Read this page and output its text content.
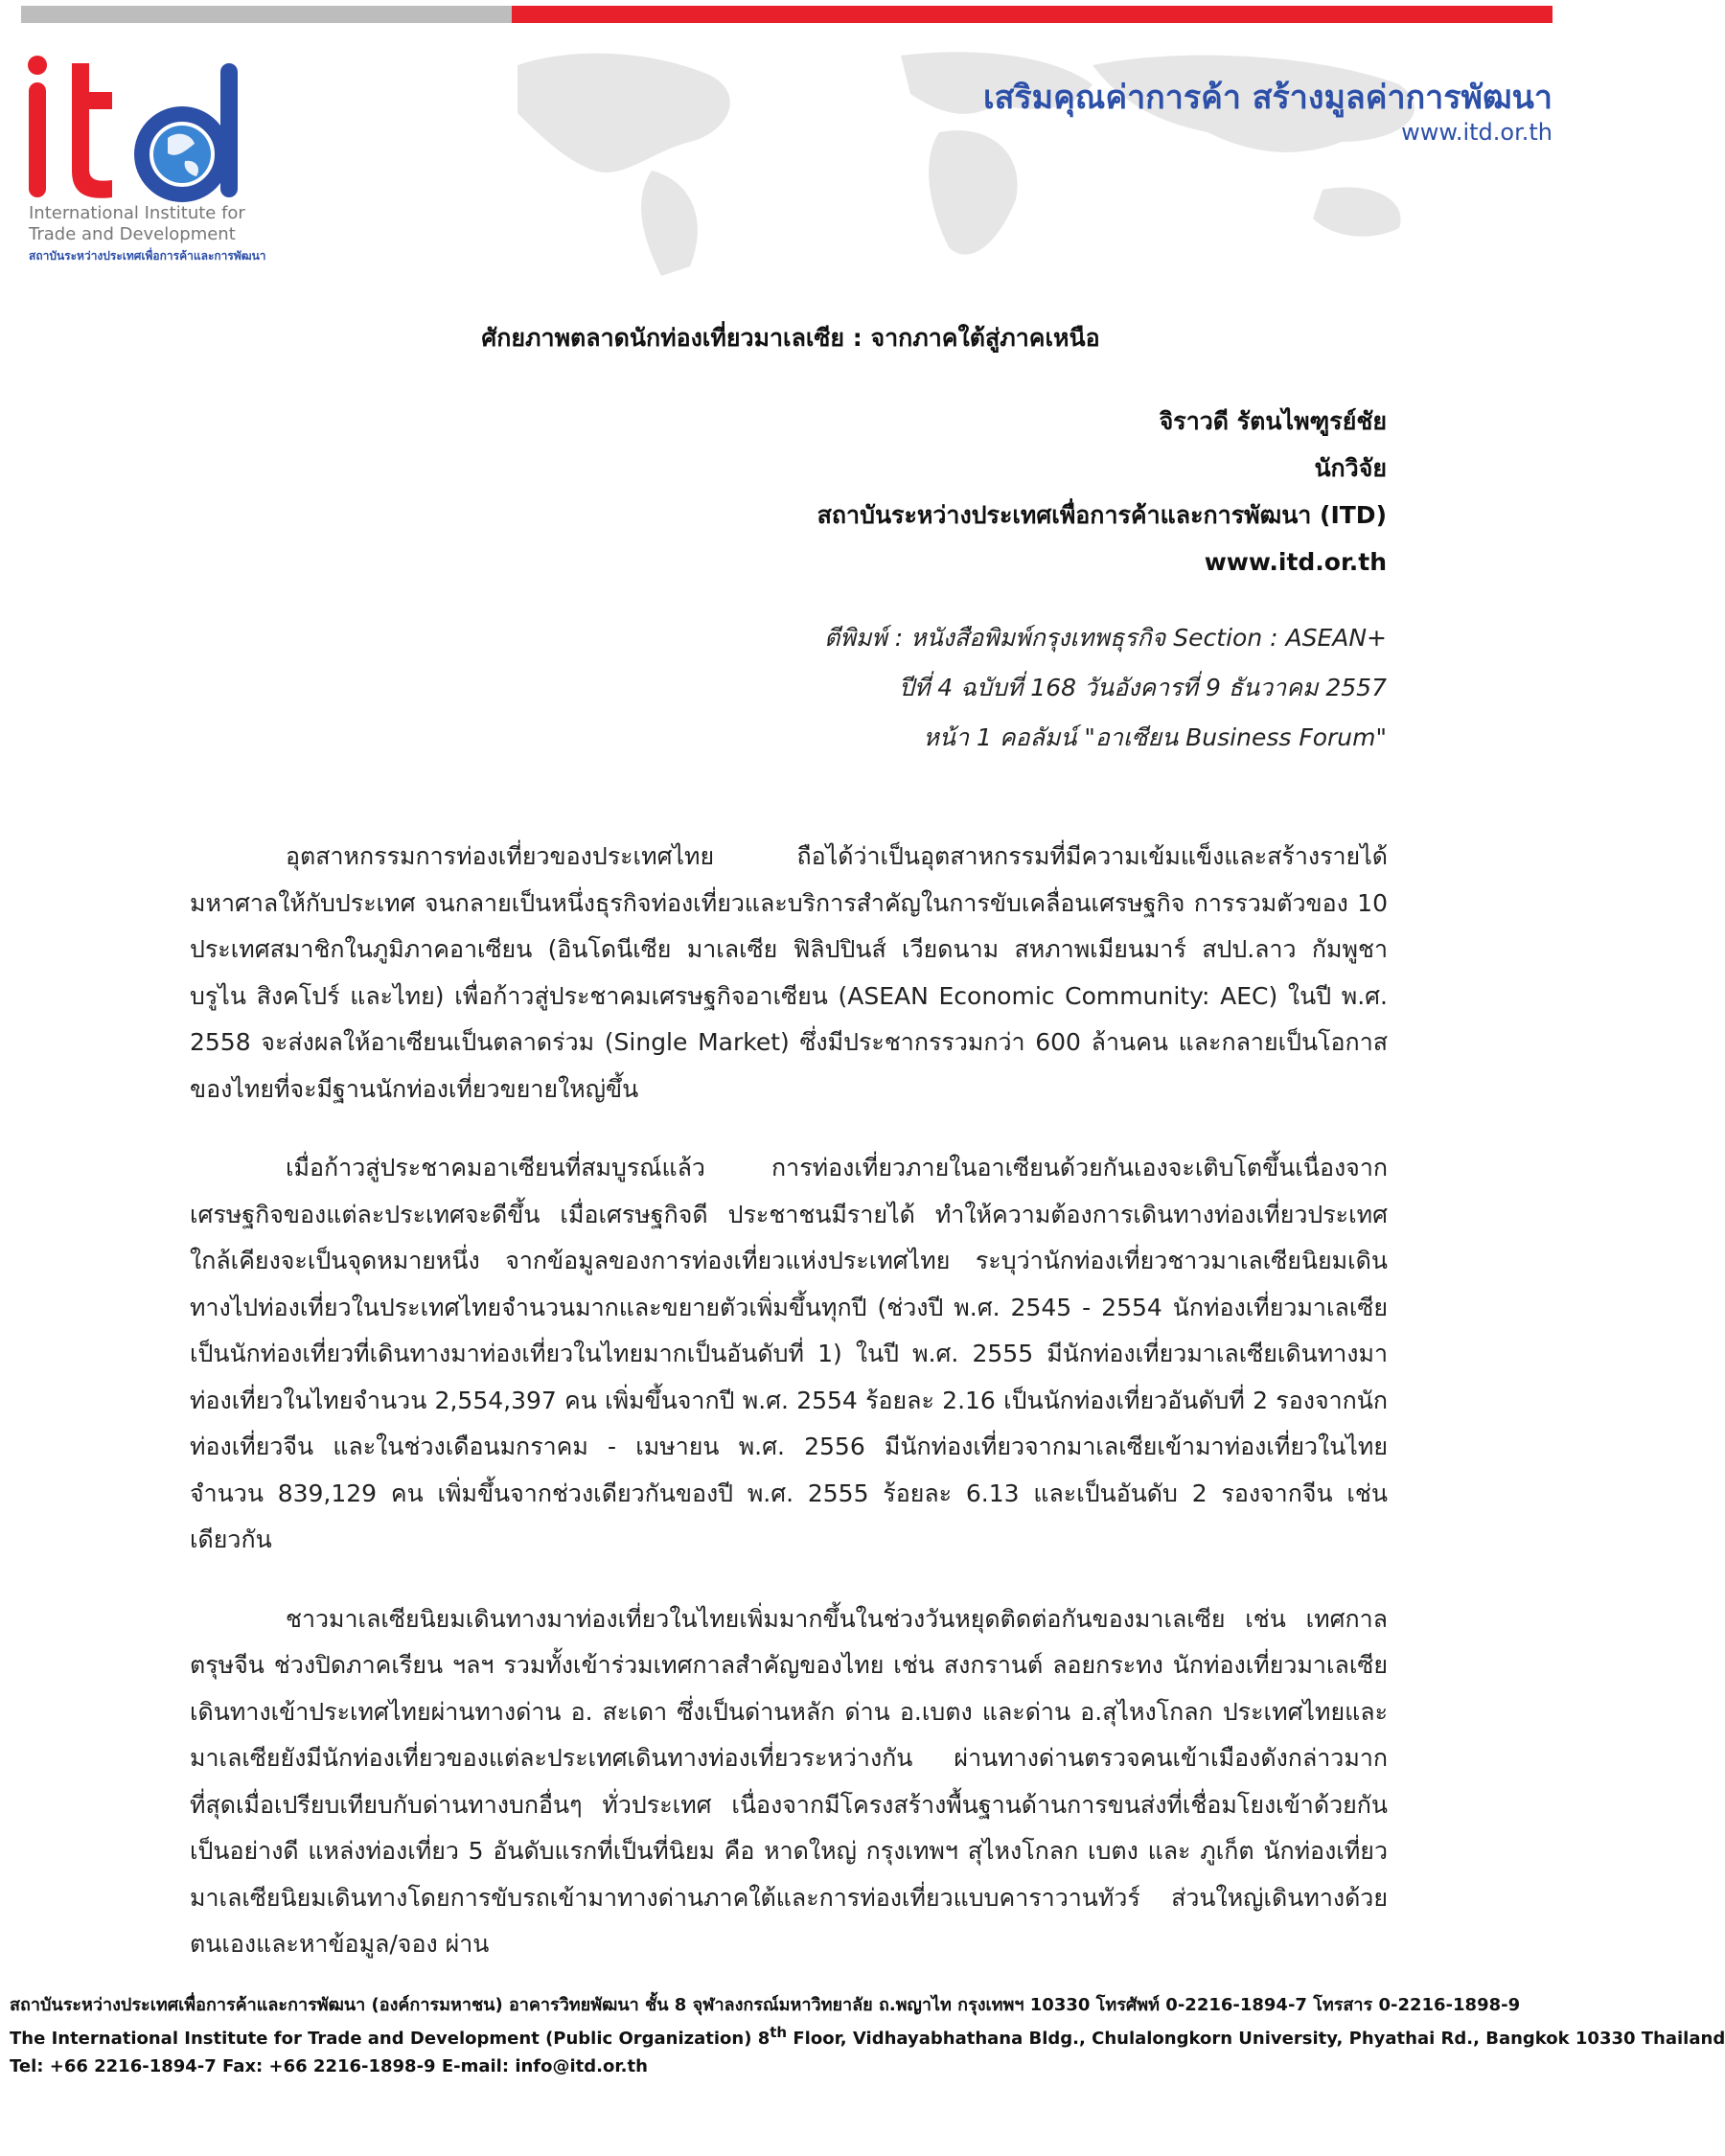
International Institute for
Trade and Development
สถาบันระหว่างประเทศเพื่อการค้าและการพัฒนา
เสริมคุณค่าการค้า สร้างมูลค่าการพัฒนา
www.itd.or.th
ศักยภาพตลาดนักท่องเที่ยวมาเลเซีย : จากภาคใต้สู่ภาคเหนือ
จิราวดี รัตนไพฑูรย์ชัย
นักวิจัย
สถาบันระหว่างประเทศเพื่อการค้าและการพัฒนา (ITD)
www.itd.or.th
ตีพิมพ์ : หนังสือพิมพ์กรุงเทพธุรกิจ Section : ASEAN+
ปีที่ 4 ฉบับที่ 168 วันอังคารที่ 9 ธันวาคม 2557
หน้า 1 คอลัมน์ "อาเซียน Business Forum"

อุตสาหกรรมการท่องเที่ยวของประเทศไทย ถือได้ว่าเป็นอุตสาหกรรมที่มีความเข้มแข็งและสร้างรายได้มหาศาลให้กับประเทศ จนกลายเป็นหนึ่งธุรกิจท่องเที่ยวและบริการสำคัญในการขับเคลื่อนเศรษฐกิจ การรวมตัวของ 10 ประเทศสมาชิกในภูมิภาคอาเซียน (อินโดนีเซีย มาเลเซีย ฟิลิปปินส์ เวียดนาม สหภาพเมียนมาร์ สปป.ลาว กัมพูชา บรูไน สิงคโปร์ และไทย) เพื่อก้าวสู่ประชาคมเศรษฐกิจอาเซียน (ASEAN Economic Community: AEC) ในปี พ.ศ. 2558 จะส่งผลให้อาเซียนเป็นตลาดร่วม (Single Market) ซึ่งมีประชากรรวมกว่า 600 ล้านคน และกลายเป็นโอกาสของไทยที่จะมีฐานนักท่องเที่ยวขยายใหญ่ขึ้น

เมื่อก้าวสู่ประชาคมอาเซียนที่สมบูรณ์แล้ว การท่องเที่ยวภายในอาเซียนด้วยกันเองจะเติบโตขึ้นเนื่องจากเศรษฐกิจของแต่ละประเทศจะดีขึ้น เมื่อเศรษฐกิจดี ประชาชนมีรายได้ ทำให้ความต้องการเดินทางท่องเที่ยวประเทศใกล้เคียงจะเป็นจุดหมายหนึ่ง จากข้อมูลของการท่องเที่ยวแห่งประเทศไทย ระบุว่านักท่องเที่ยวชาวมาเลเซียนิยมเดินทางไปท่องเที่ยวในประเทศไทยจำนวนมากและขยายตัวเพิ่มขึ้นทุกปี (ช่วงปี พ.ศ. 2545 - 2554 นักท่องเที่ยวมาเลเซียเป็นนักท่องเที่ยวที่เดินทางมาท่องเที่ยวในไทยมากเป็นอันดับที่ 1) ในปี พ.ศ. 2555 มีนักท่องเที่ยวมาเลเซียเดินทางมาท่องเที่ยวในไทยจำนวน 2,554,397 คน เพิ่มขึ้นจากปี พ.ศ. 2554 ร้อยละ 2.16 เป็นนักท่องเที่ยวอันดับที่ 2 รองจากนักท่องเที่ยวจีน และในช่วงเดือนมกราคม - เมษายน พ.ศ. 2556 มีนักท่องเที่ยวจากมาเลเซียเข้ามาท่องเที่ยวในไทยจำนวน 839,129 คน เพิ่มขึ้นจากช่วงเดียวกันของปี พ.ศ. 2555 ร้อยละ 6.13 และเป็นอันดับ 2 รองจากจีน เช่นเดียวกัน

ชาวมาเลเซียนิยมเดินทางมาท่องเที่ยวในไทยเพิ่มมากขึ้นในช่วงวันหยุดติดต่อกันของมาเลเซีย เช่น เทศกาลตรุษจีน ช่วงปิดภาคเรียน ฯลฯ รวมทั้งเข้าร่วมเทศกาลสำคัญของไทย เช่น สงกรานต์ ลอยกระทง นักท่องเที่ยวมาเลเซียเดินทางเข้าประเทศไทยผ่านทางด่าน อ. สะเดา ซึ่งเป็นด่านหลัก ด่าน อ.เบตง และด่าน อ.สุไหงโกลก ประเทศไทยและมาเลเซียยังมีนักท่องเที่ยวของแต่ละประเทศเดินทางท่องเที่ยวระหว่างกัน ผ่านทางด่านตรวจคนเข้าเมืองดังกล่าวมากที่สุดเมื่อเปรียบเทียบกับด่านทางบกอื่นๆ ทั่วประเทศ เนื่องจากมีโครงสร้างพื้นฐานด้านการขนส่งที่เชื่อมโยงเข้าด้วยกันเป็นอย่างดี แหล่งท่องเที่ยว 5 อันดับแรกที่เป็นที่นิยม คือ หาดใหญ่ กรุงเทพฯ สุไหงโกลก เบตง และ ภูเก็ต นักท่องเที่ยวมาเลเซียนิยมเดินทางโดยการขับรถเข้ามาทางด่านภาคใต้และการท่องเที่ยวแบบคาราวานทัวร์ ส่วนใหญ่เดินทางด้วยตนเองและหาข้อมูล/จอง ผ่าน

สถาบันระหว่างประเทศเพื่อการค้าและการพัฒนา (องค์การมหาชน) อาคารวิทยพัฒนา ชั้น 8 จุฬาลงกรณ์มหาวิทยาลัย ถ.พญาไท กรุงเทพฯ 10330 โทรศัพท์ 0-2216-1894-7 โทรสาร 0-2216-1898-9
The International Institute for Trade and Development (Public Organization) 8th Floor, Vidhayabhathana Bldg., Chulalongkorn University, Phyathai Rd., Bangkok 10330 Thailand
Tel: +66 2216-1894-7 Fax: +66 2216-1898-9 E-mail: info@itd.or.th
